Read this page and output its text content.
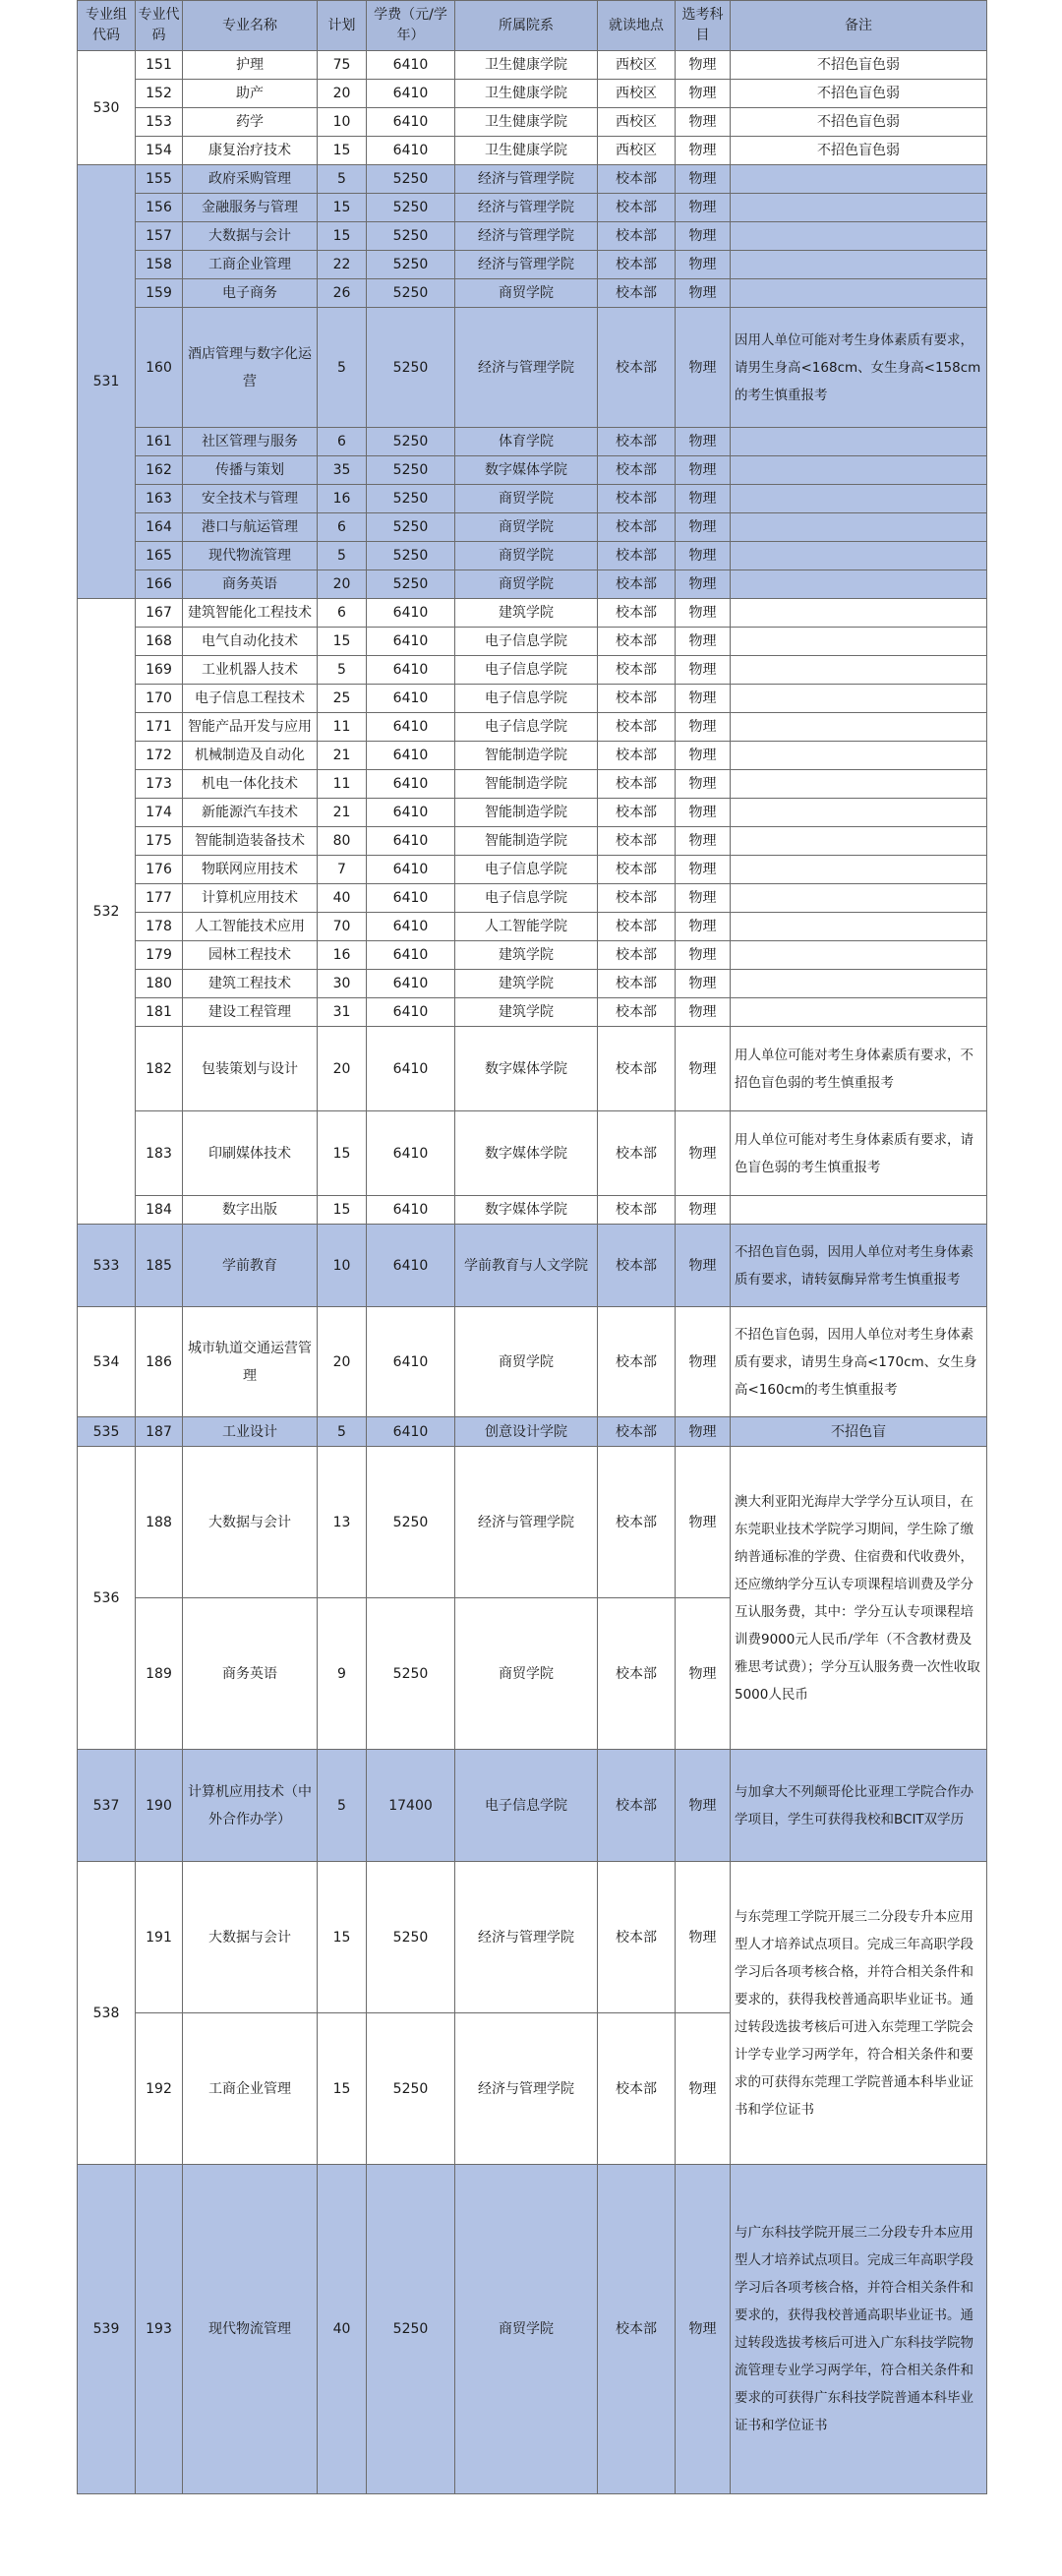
专业组代码	专业代码	专业名称	计划	学费（元/学年）	所属院系	就读地点	选考科目	备注
530	151	护理	75	6410	卫生健康学院	西校区	物理	不招色盲色弱
	152	助产	20	6410	卫生健康学院	西校区	物理	不招色盲色弱
	153	药学	10	6410	卫生健康学院	西校区	物理	不招色盲色弱
	154	康复治疗技术	15	6410	卫生健康学院	西校区	物理	不招色盲色弱
531	155	政府采购管理	5	5250	经济与管理学院	校本部	物理	
	156	金融服务与管理	15	5250	经济与管理学院	校本部	物理	
	157	大数据与会计	15	5250	经济与管理学院	校本部	物理	
	158	工商企业管理	22	5250	经济与管理学院	校本部	物理	
	159	电子商务	26	5250	商贸学院	校本部	物理	
	160	酒店管理与数字化运营	5	5250	经济与管理学院	校本部	物理	因用人单位可能对考生身体素质有要求，请男生身高<168cm、女生身高<158cm的考生慎重报考
	161	社区管理与服务	6	5250	体育学院	校本部	物理	
	162	传播与策划	35	5250	数字媒体学院	校本部	物理	
	163	安全技术与管理	16	5250	商贸学院	校本部	物理	
	164	港口与航运管理	6	5250	商贸学院	校本部	物理	
	165	现代物流管理	5	5250	商贸学院	校本部	物理	
	166	商务英语	20	5250	商贸学院	校本部	物理	
532	167	建筑智能化工程技术	6	6410	建筑学院	校本部	物理	
	168	电气自动化技术	15	6410	电子信息学院	校本部	物理	
	169	工业机器人技术	5	6410	电子信息学院	校本部	物理	
	170	电子信息工程技术	25	6410	电子信息学院	校本部	物理	
	171	智能产品开发与应用	11	6410	电子信息学院	校本部	物理	
	172	机械制造及自动化	21	6410	智能制造学院	校本部	物理	
	173	机电一体化技术	11	6410	智能制造学院	校本部	物理	
	174	新能源汽车技术	21	6410	智能制造学院	校本部	物理	
	175	智能制造装备技术	80	6410	智能制造学院	校本部	物理	
	176	物联网应用技术	7	6410	电子信息学院	校本部	物理	
	177	计算机应用技术	40	6410	电子信息学院	校本部	物理	
	178	人工智能技术应用	70	6410	人工智能学院	校本部	物理	
	179	园林工程技术	16	6410	建筑学院	校本部	物理	
	180	建筑工程技术	30	6410	建筑学院	校本部	物理	
	181	建设工程管理	31	6410	建筑学院	校本部	物理	
	182	包装策划与设计	20	6410	数字媒体学院	校本部	物理	用人单位可能对考生身体素质有要求，不招色盲色弱的考生慎重报考
	183	印刷媒体技术	15	6410	数字媒体学院	校本部	物理	用人单位可能对考生身体素质有要求，请色盲色弱的考生慎重报考
	184	数字出版	15	6410	数字媒体学院	校本部	物理	
533	185	学前教育	10	6410	学前教育与人文学院	校本部	物理	不招色盲色弱，因用人单位对考生身体素质有要求，请转氨酶异常考生慎重报考
534	186	城市轨道交通运营管理	20	6410	商贸学院	校本部	物理	不招色盲色弱，因用人单位对考生身体素质有要求，请男生身高<170cm、女生身高<160cm的考生慎重报考
535	187	工业设计	5	6410	创意设计学院	校本部	物理	不招色盲
536	188	大数据与会计	13	5250	经济与管理学院	校本部	物理	澳大利亚阳光海岸大学学分互认项目，在东莞职业技术学院学习期间，学生除了缴纳普通标准的学费、住宿费和代收费外，还应缴纳学分互认专项课程培训费及学分互认服务费，其中：学分互认专项课程培训费9000元人民币/学年（不含教材费及雅思考试费）；学分互认服务费一次性收取5000人民币
	189	商务英语	9	5250	商贸学院	校本部	物理	
537	190	计算机应用技术（中外合作办学）	5	17400	电子信息学院	校本部	物理	与加拿大不列颠哥伦比亚理工学院合作办学项目，学生可获得我校和BCIT双学历
538	191	大数据与会计	15	5250	经济与管理学院	校本部	物理	与东莞理工学院开展三二分段专升本应用型人才培养试点项目。完成三年高职学段学习后各项考核合格，并符合相关条件和要求的，获得我校普通高职毕业证书。通过转段选拔考核后可进入东莞理工学院会计学专业学习两学年，符合相关条件和要求的可获得东莞理工学院普通本科毕业证书和学位证书
	192	工商企业管理	15	5250	经济与管理学院	校本部	物理	
539	193	现代物流管理	40	5250	商贸学院	校本部	物理	与广东科技学院开展三二分段专升本应用型人才培养试点项目。完成三年高职学段学习后各项考核合格，并符合相关条件和要求的，获得我校普通高职毕业证书。通过转段选拔考核后可进入广东科技学院物流管理专业学习两学年，符合相关条件和要求的可获得广东科技学院普通本科毕业证书和学位证书
